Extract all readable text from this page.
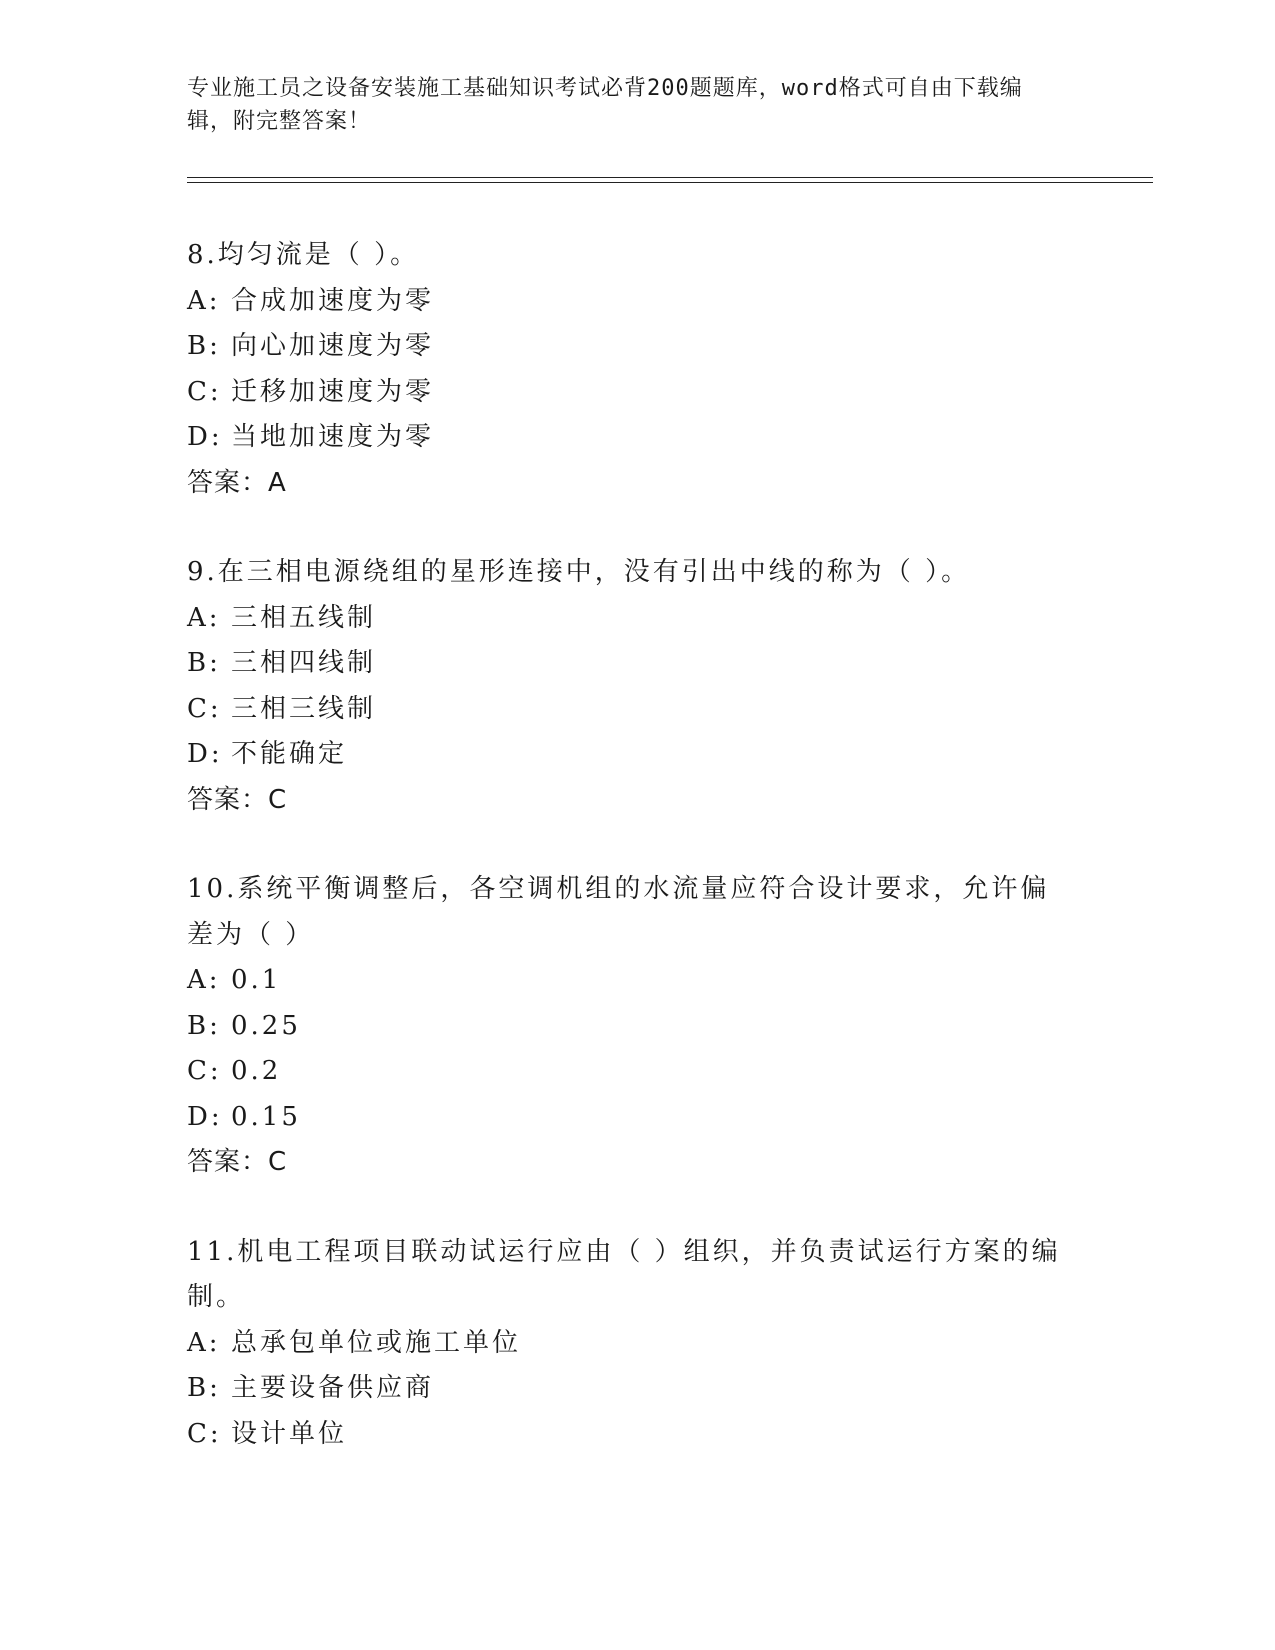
专业施工员之设备安装施工基础知识考试必背200题题库，word格式可自由下载编辑，附完整答案！
8.均匀流是（ ）。
A: 合成加速度为零
B: 向心加速度为零
C: 迁移加速度为零
D: 当地加速度为零
答案：A
9.在三相电源绕组的星形连接中，没有引出中线的称为（ ）。
A: 三相五线制
B: 三相四线制
C: 三相三线制
D: 不能确定
答案：C
10.系统平衡调整后，各空调机组的水流量应符合设计要求，允许偏差为（ ）
A: 0.1
B: 0.25
C: 0.2
D: 0.15
答案：C
11.机电工程项目联动试运行应由（ ）组织，并负责试运行方案的编制。
A: 总承包单位或施工单位
B: 主要设备供应商
C: 设计单位
